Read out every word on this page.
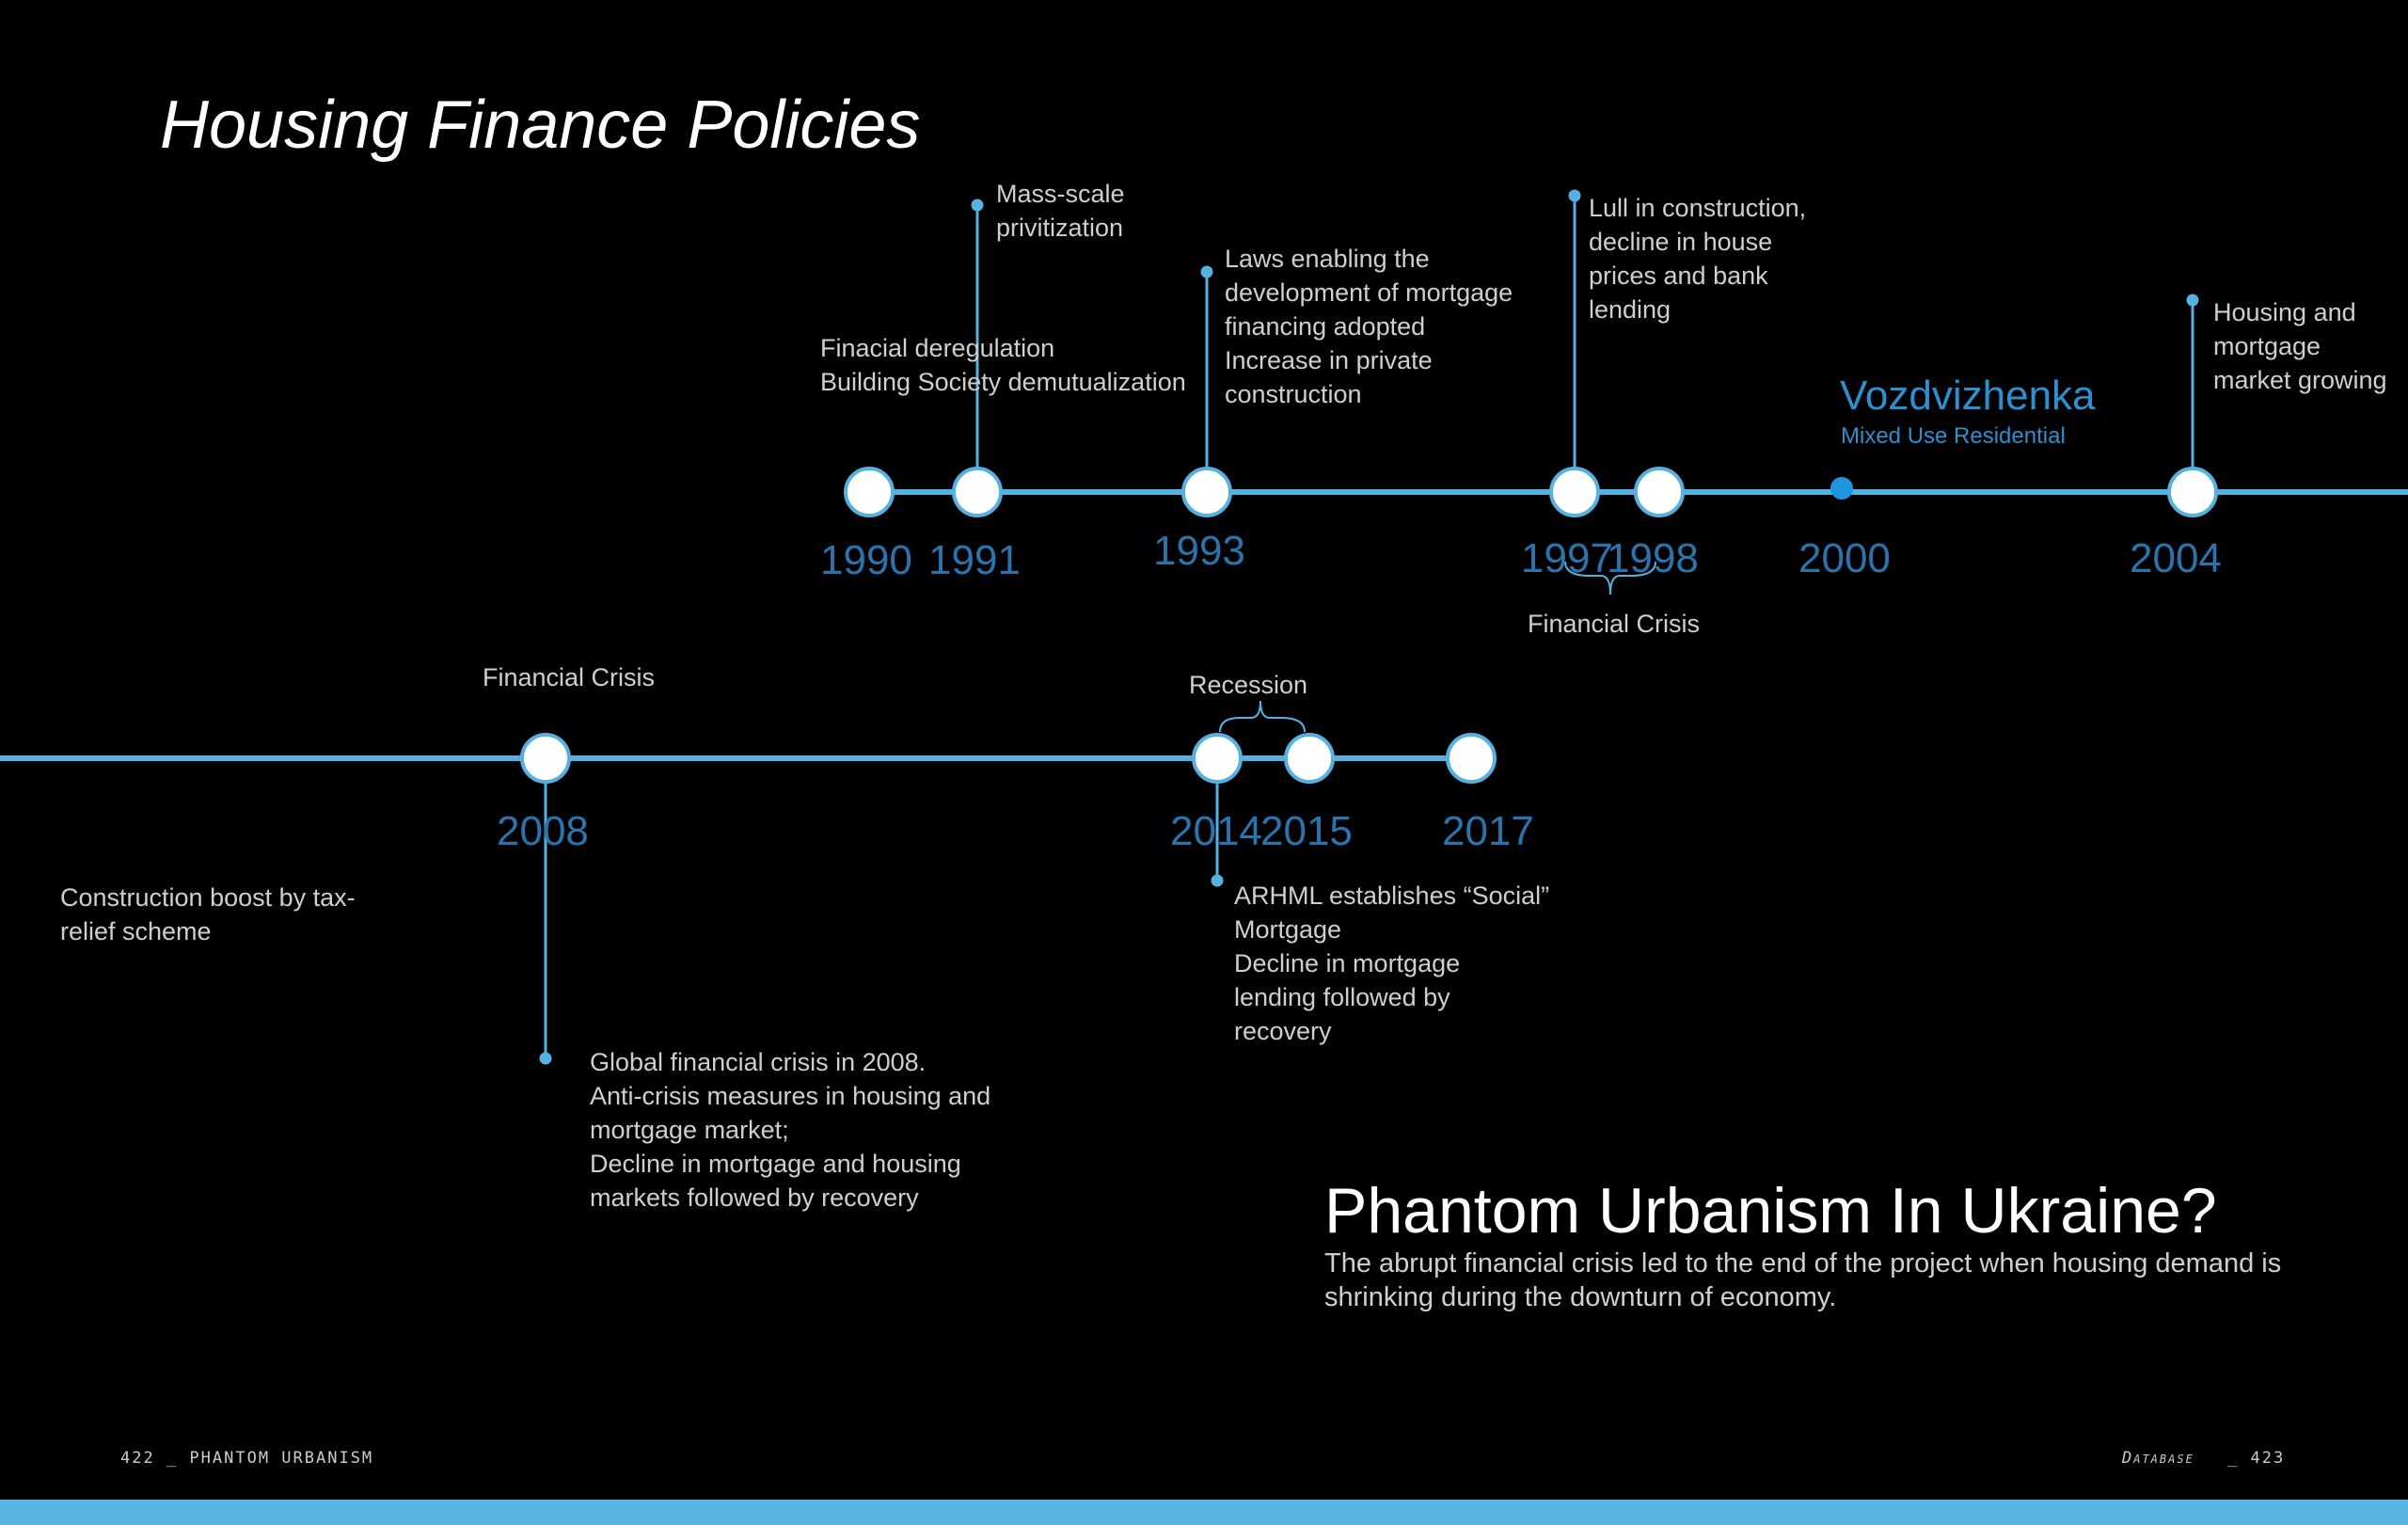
Housing Finance Policies
1990 1991	1993	1997
1998 2000	2004
Finacial deregulation
Building Society demutualization
Mass-scale
privitization
Laws enabling the
development of mortgage
financing adopted
Increase in private
construction
Lull in construction,
decline in house
prices and bank
lending	Housing and
mortgage
market growing
Financial Crisis
Vozdvizhenka
Mixed Use Residential
2008	2014
2015 2017
Financial Crisis	Recession
Construction boost by tax-
relief scheme
Global financial crisis in 2008.
Anti-crisis measures in housing and
mortgage market;
Decline in mortgage and housing
markets followed by recovery
ARHML establishes “Social”
Mortgage
Decline in mortgage
lending followed by
recovery
Phantom Urbanism In Ukraine?
The abrupt financial crisis led to the end of the project when housing demand is shrinking during the downturn of economy.
422 _ PHANTOM URBANISM	Database _ 423
